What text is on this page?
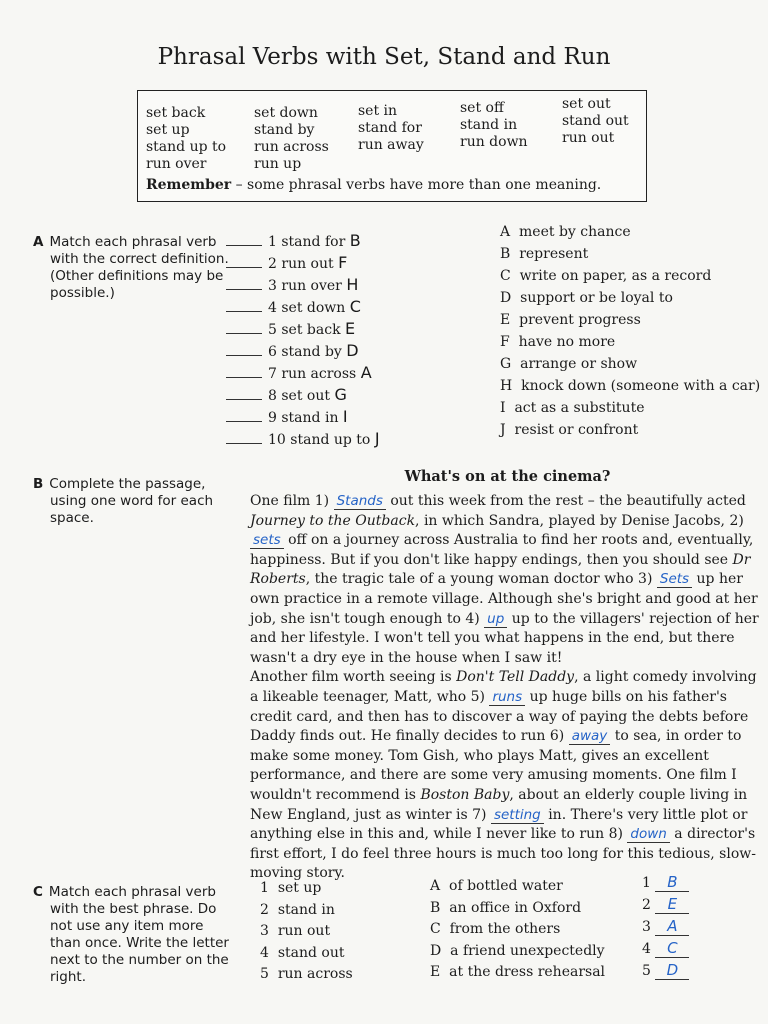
Phrasal Verbs with Set, Stand and Run
set back
set up
stand up to
run over
set down
stand by
run across
run up
set in
stand for
run away
set off
stand in
run down
set out
stand out
run out
Remember – some phrasal verbs have more than one meaning.
A Match each phrasal verb
with the correct definition.
(Other definitions may be
possible.)
1 stand for B
2 run out F
3 run over H
4 set down C
5 set back E
6 stand by D
7 run across A
8 set out G
9 stand in I
10 stand up to J
A meet by chance
B represent
C write on paper, as a record
D support or be loyal to
E prevent progress
F have no more
G arrange or show
H knock down (someone with a car)
I act as a substitute
J resist or confront
B Complete the passage,
using one word for each
space.
What's on at the cinema?

One film 1) Stands out this week from the rest – the beautifully acted Journey to the Outback, in which Sandra, played by Denise Jacobs, 2) sets off on a journey across Australia to find her roots and, eventually, happiness. But if you don't like happy endings, then you should see Dr Roberts, the tragic tale of a young woman doctor who 3) Sets up her own practice in a remote village. Although she's bright and good at her job, she isn't tough enough to 4) up up to the villagers' rejection of her and her lifestyle. I won't tell you what happens in the end, but there wasn't a dry eye in the house when I saw it!

Another film worth seeing is Don't Tell Daddy, a light comedy involving a likeable teenager, Matt, who 5) runs up huge bills on his father's credit card, and then has to discover a way of paying the debts before Daddy finds out. He finally decides to run 6) away to sea, in order to make some money. Tom Gish, who plays Matt, gives an excellent performance, and there are some very amusing moments. One film I wouldn't recommend is Boston Baby, about an elderly couple living in New England, just as winter is 7) setting in. There's very little plot or anything else in this and, while I never like to run 8) down a director's first effort, I do feel three hours is much too long for this tedious, slow-moving story.

C Match each phrasal verb
with the best phrase. Do
not use any item more
than once. Write the letter
next to the number on the
right.
1 set up
2 stand in
3 run out
4 stand out
5 run across
A of bottled water
B an office in Oxford
C from the others
D a friend unexpectedly
E at the dress rehearsal
1 B
2 E
3 A
4 C
5 D
